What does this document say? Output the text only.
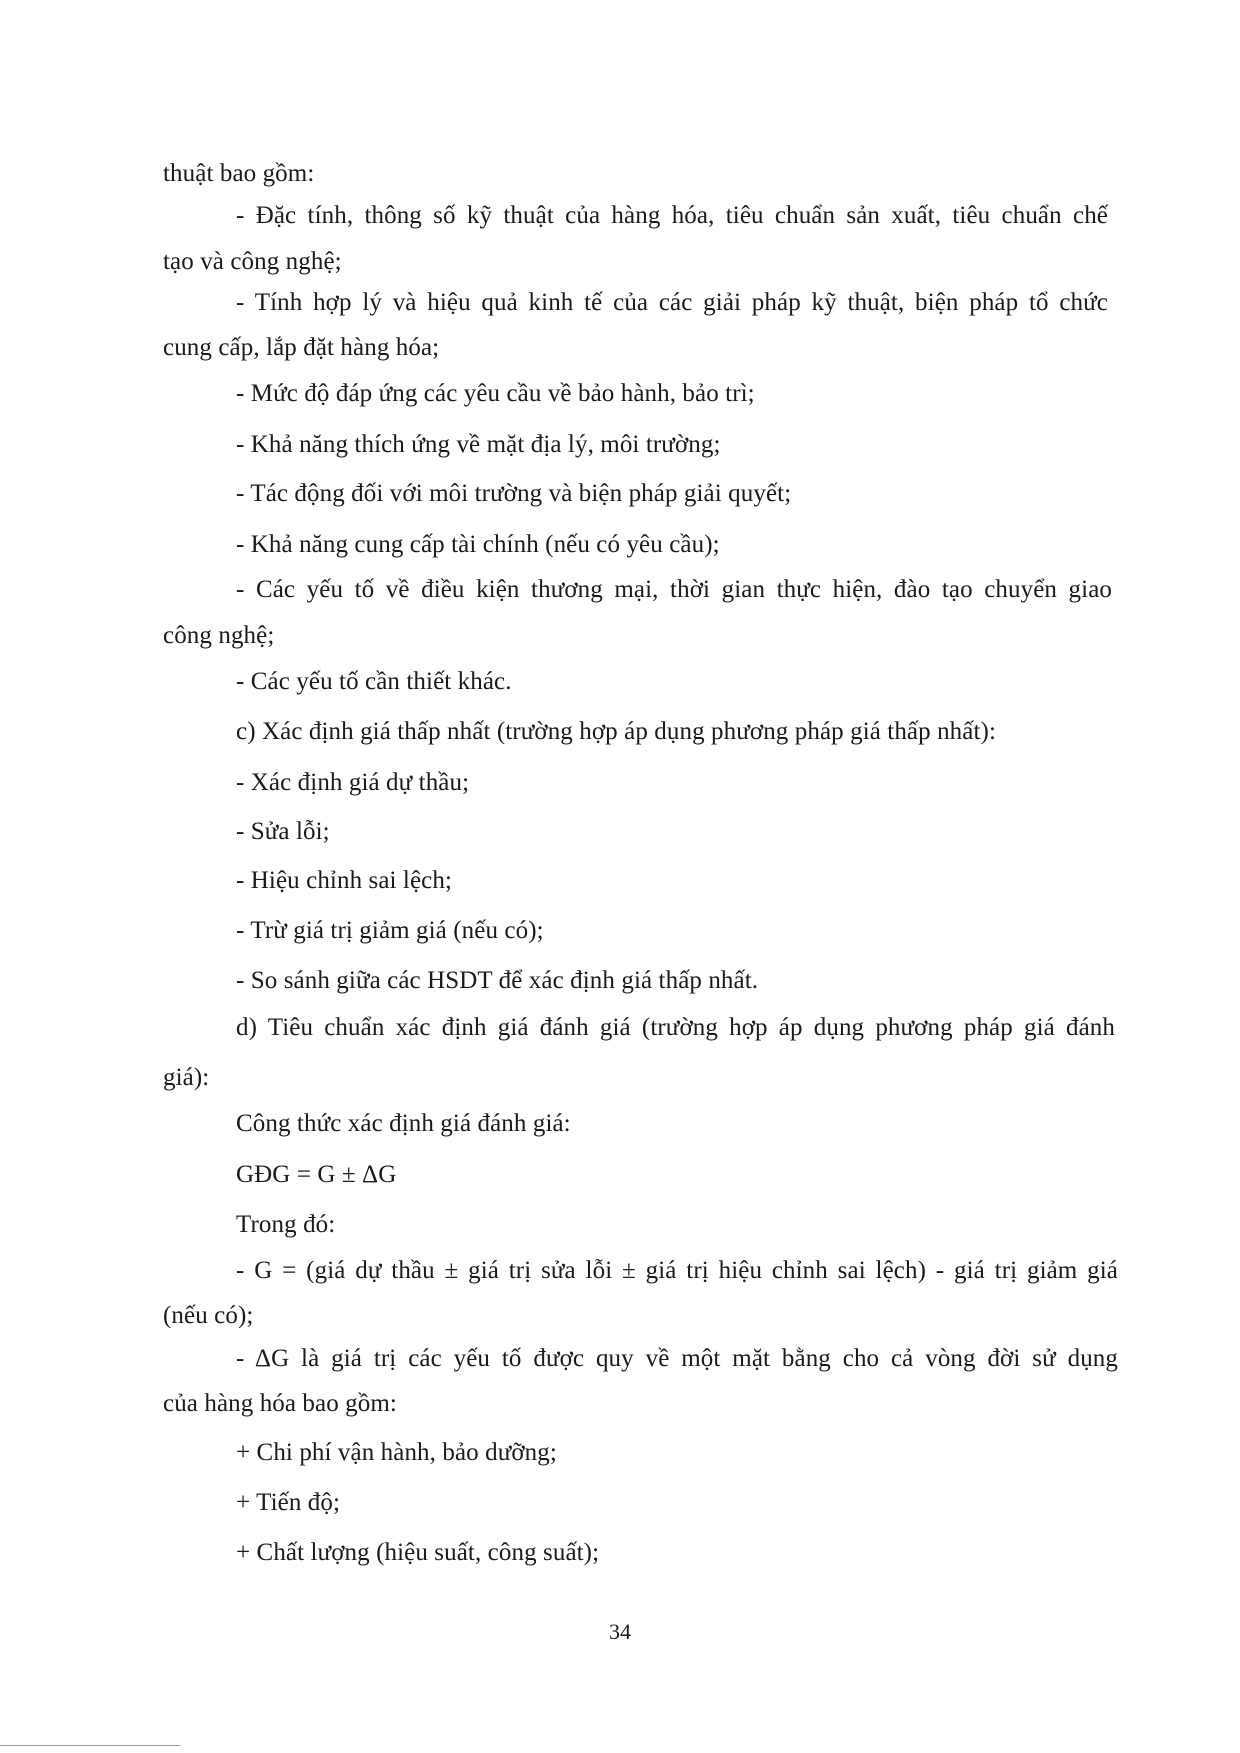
thuật bao gồm:
- Đặc tính, thông số kỹ thuật của hàng hóa, tiêu chuẩn sản xuất, tiêu chuẩn chế
tạo và công nghệ;
- Tính hợp lý và hiệu quả kinh tế của các giải pháp kỹ thuật, biện pháp tổ chức
cung cấp, lắp đặt hàng hóa;
- Mức độ đáp ứng các yêu cầu về bảo hành, bảo trì;
- Khả năng thích ứng về mặt địa lý, môi trường;
- Tác động đối với môi trường và biện pháp giải quyết;
- Khả năng cung cấp tài chính (nếu có yêu cầu);
- Các yếu tố về điều kiện thương mại, thời gian thực hiện, đào tạo chuyển giao
công nghệ;
- Các yếu tố cần thiết khác.
c) Xác định giá thấp nhất (trường hợp áp dụng phương pháp giá thấp nhất):
- Xác định giá dự thầu;
- Sửa lỗi;
- Hiệu chỉnh sai lệch;
- Trừ giá trị giảm giá (nếu có);
- So sánh giữa các HSDT để xác định giá thấp nhất.
d) Tiêu chuẩn xác định giá đánh giá (trường hợp áp dụng phương pháp giá đánh
giá):
Công thức xác định giá đánh giá:
GĐG = G ± ΔG
Trong đó:
- G = (giá dự thầu ± giá trị sửa lỗi ± giá trị hiệu chỉnh sai lệch) - giá trị giảm giá
(nếu có);
- ΔG là giá trị các yếu tố được quy về một mặt bằng cho cả vòng đời sử dụng
của hàng hóa bao gồm:
+ Chi phí vận hành, bảo dưỡng;
+ Tiến độ;
+ Chất lượng (hiệu suất, công suất);
34
